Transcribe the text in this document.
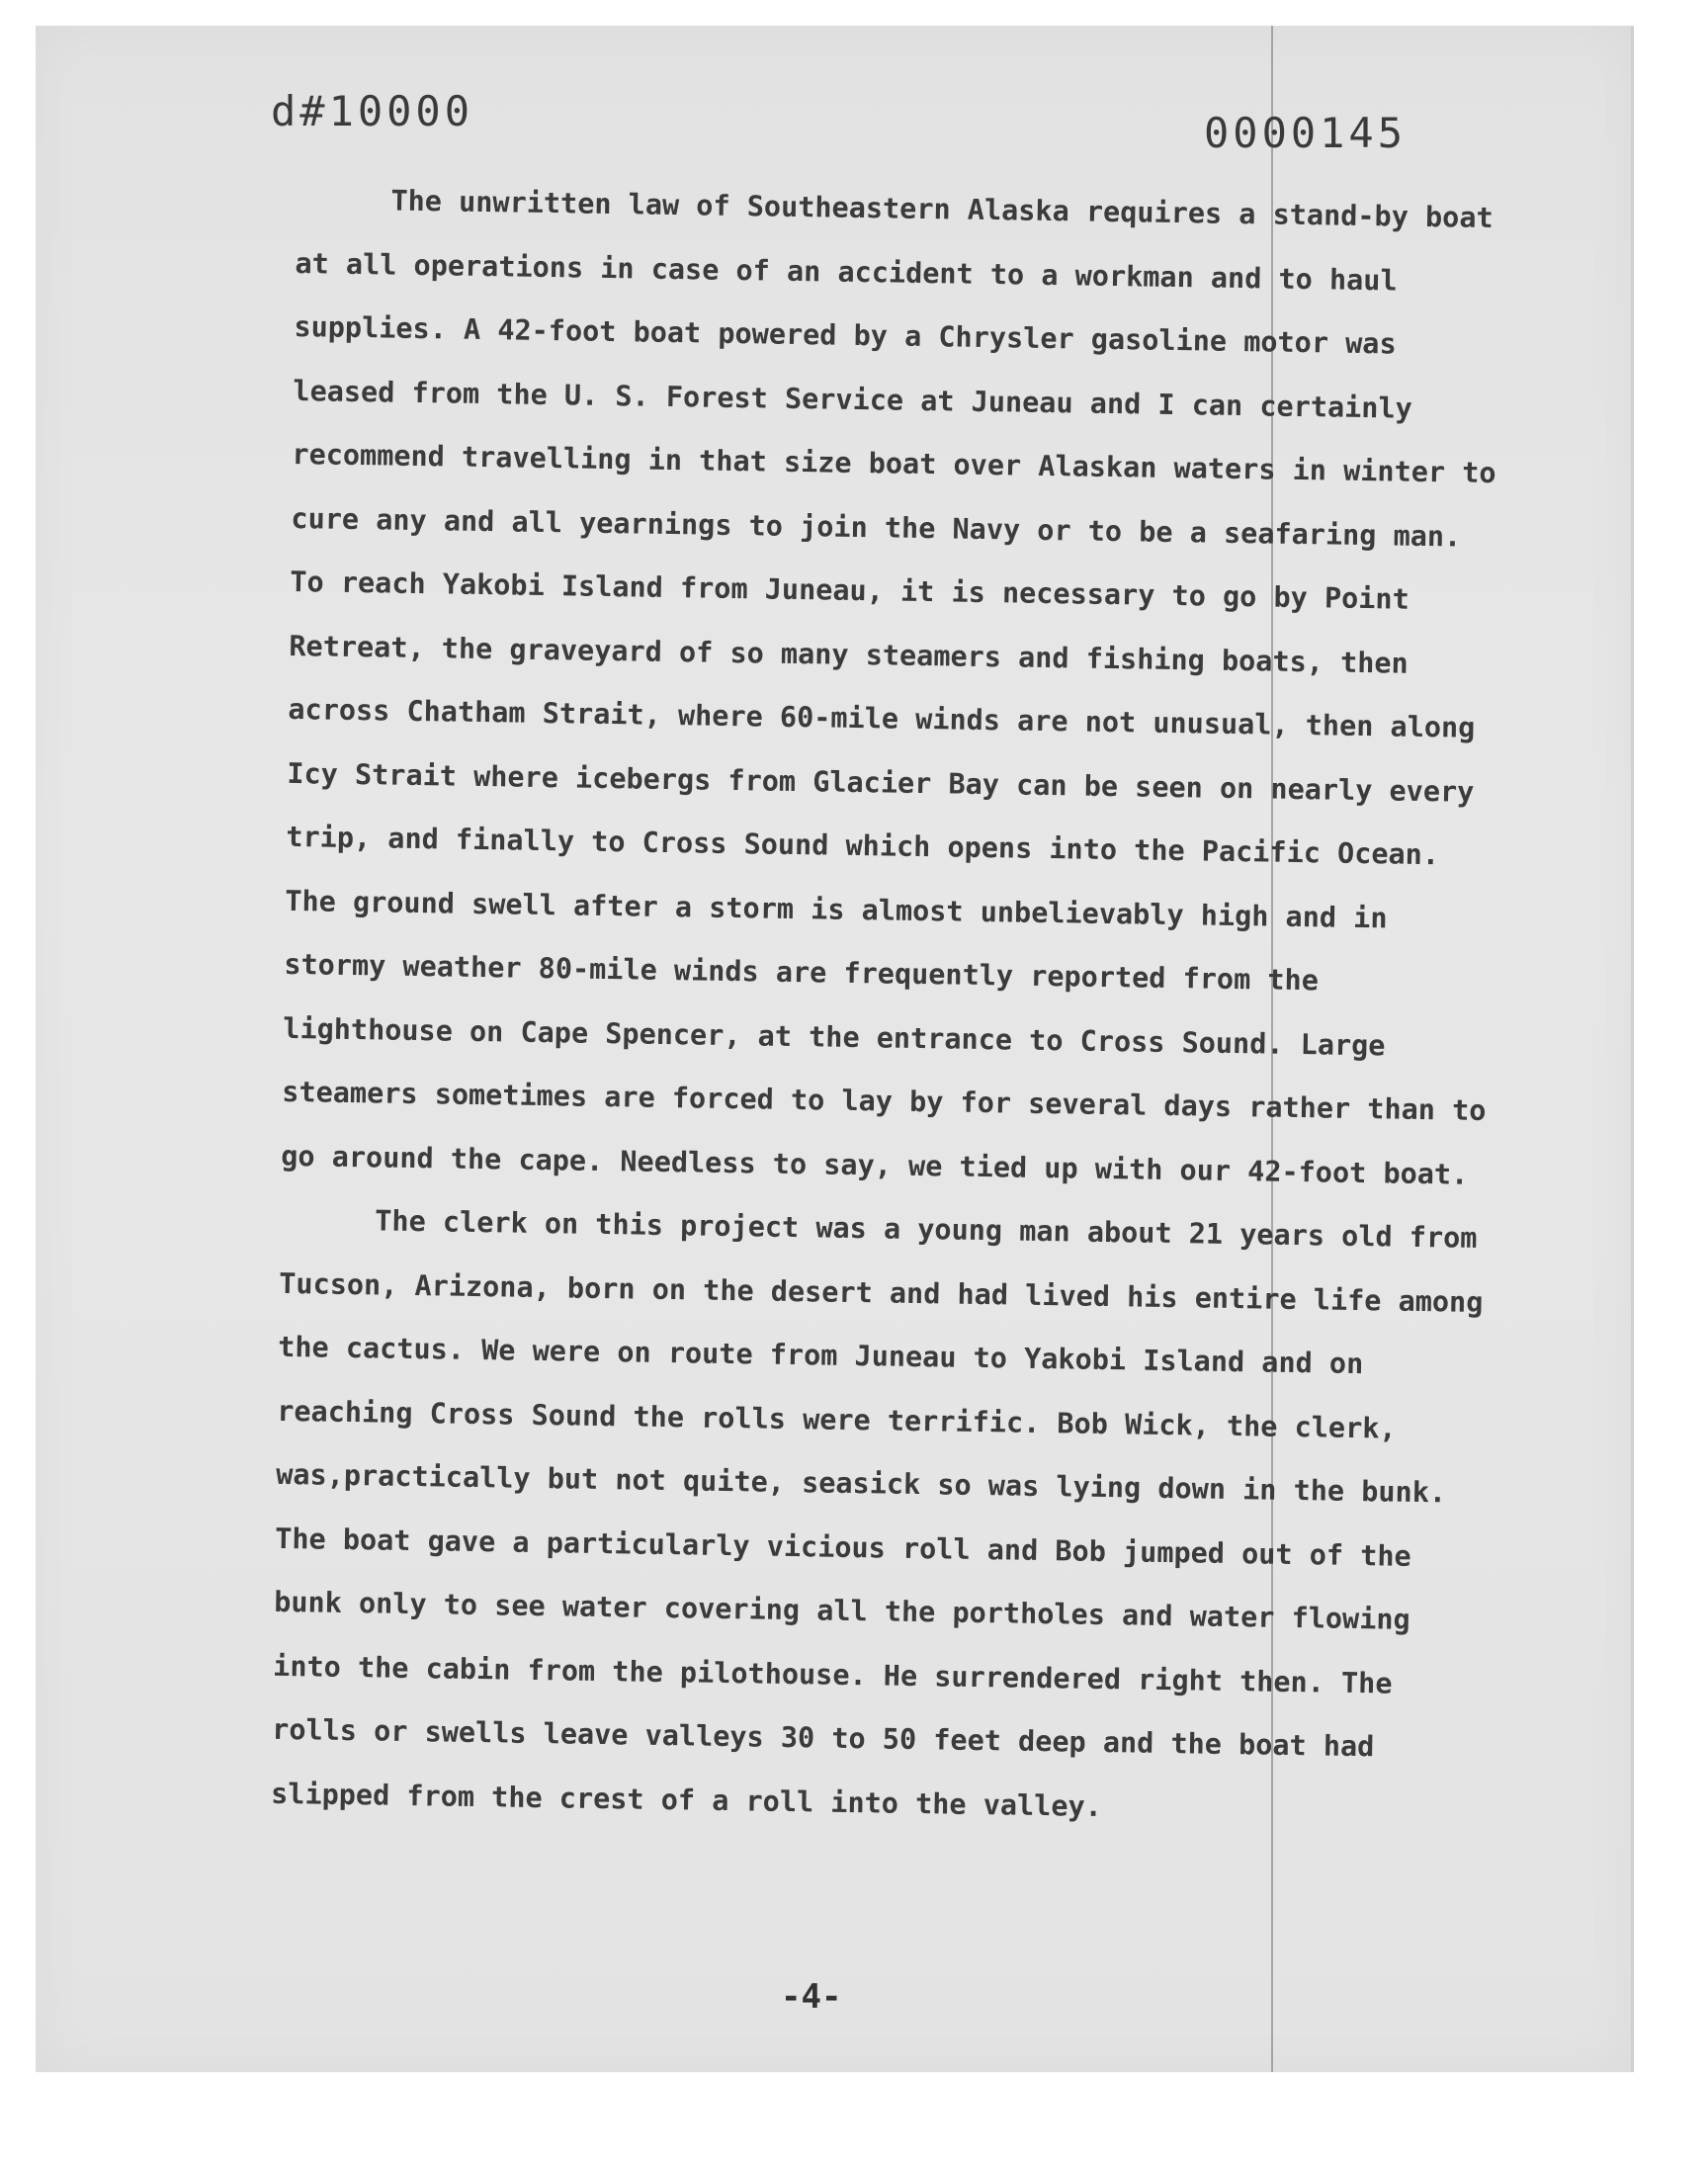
d#10000	0000145

The unwritten law of Southeastern Alaska requires a stand-by boat at all operations in case of an accident to a workman and to haul supplies. A 42-foot boat powered by a Chrysler gasoline motor was leased from the U. S. Forest Service at Juneau and I can certainly recommend travelling in that size boat over Alaskan waters in winter to cure any and all yearnings to join the Navy or to be a seafaring man. To reach Yakobi Island from Juneau, it is necessary to go by Point Retreat, the graveyard of so many steamers and fishing boats, then across Chatham Strait, where 60-mile winds are not unusual, then along Icy Strait where icebergs from Glacier Bay can be seen on nearly every trip, and finally to Cross Sound which opens into the Pacific Ocean. The ground swell after a storm is almost unbelievably high and in stormy weather 80-mile winds are frequently reported from the lighthouse on Cape Spencer, at the entrance to Cross Sound. Large steamers sometimes are forced to lay by for several days rather than to go around the cape. Needless to say, we tied up with our 42-foot boat.

The clerk on this project was a young man about 21 years old from Tucson, Arizona, born on the desert and had lived his entire life among the cactus. We were on route from Juneau to Yakobi Island and on reaching Cross Sound the rolls were terrific. Bob Wick, the clerk, was,practically but not quite, seasick so was lying down in the bunk. The boat gave a particularly vicious roll and Bob jumped out of the bunk only to see water covering all the portholes and water flowing into the cabin from the pilothouse. He surrendered right then. The rolls or swells leave valleys 30 to 50 feet deep and the boat had slipped from the crest of a roll into the valley.

-4-
